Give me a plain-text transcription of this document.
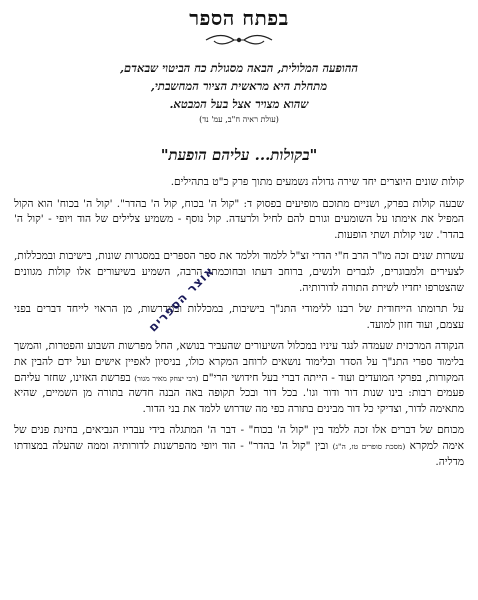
בפתח הספר
ההופעה המלולית, הבאה מסגולת כח הביטוי שבאדם,
מתחלת היא מראשית הציור המחשבתי,
שהוא מצויר אצל בעל המבטא.
(עולת ראיה ח"ב, עמ' נד)
"בקולות... עליהם הופעת"

קולות שונים היוצרים יחד שירה גדולה נשמעים מתוך פרק כ"ט בתהילים.

שבעה קולות בפרק, ושניים מתוכם מופיעים בפסוק ד: "קול ה' בכוח, קול ה' בהדר". 'קול ה' בכוח' הוא הקול המפיל את אימתו על השומעים וגורם להם לחיל ולרעדה. קול נוסף - משמיע צלילים של הוד ויופי - 'קול ה' בהדר'. שני קולות ושתי הופעות.

עשרות שנים זכה מו"ר הרב ח"י הדרי זצ"ל ללמוד וללמד את ספר הספרים במסגרות שונות, בישיבות ובמכללות, לצעירים ולמבוגרים, לגברים ולנשים, ברוחב דעתו ובחוכמתו הרבה, השמיע בשיעורים אלו קולות מגוונים שהצטרפו יחדיו לשירת התורה לדורותיה.

על תרומתו הייחודית של רבנו ללימודי התנ"ך בישיבות, במכללות ובמדרשות, מן הראוי לייחד דברים בפני עצמם, ועוד חזון למועד.

הנקודה המרכזית שעמדה לנגד עיניו במכלול השיעורים שהעביר בנושא, החל מפרשות השבוע והפטרות, והמשך בלימוד ספרי התנ"ך על הסדר ובלימוד נושאים לרוחב המקרא כולו, בניסיון לאפיין אישים ועל ידם להבין את המקורות, בפרקי המועדים ועוד - הייתה דברי בעל חידושי הרי"ם (רבי יצחק מאיר מגור) בפרשת האזינו, שחזר עליהם פעמים רבות: בינו שנות דור ודור וגו'. בכל דור ובכל תקופה באה הבנה חדשה בתורה מן השמיים, שהיא מתאימה לדור, וצדיקי כל דור מבינים בתורה כפי מה שדרוש ללמד את בני הדור.

מכוחם של דברים אלו זכה ללמד בין "קול ה' בכוח" - דבר ה' המתגלה בידי עבדיו הנביאים, בחינת פנים של אימה למקרא (מסכת סופרים טז, ה"ג) ובין "קול ה' בהדר" - הוד ויופי מהפרשנות לדורותיה וממה שהעלה במצודתו מדליה.

אוצר הספרים
